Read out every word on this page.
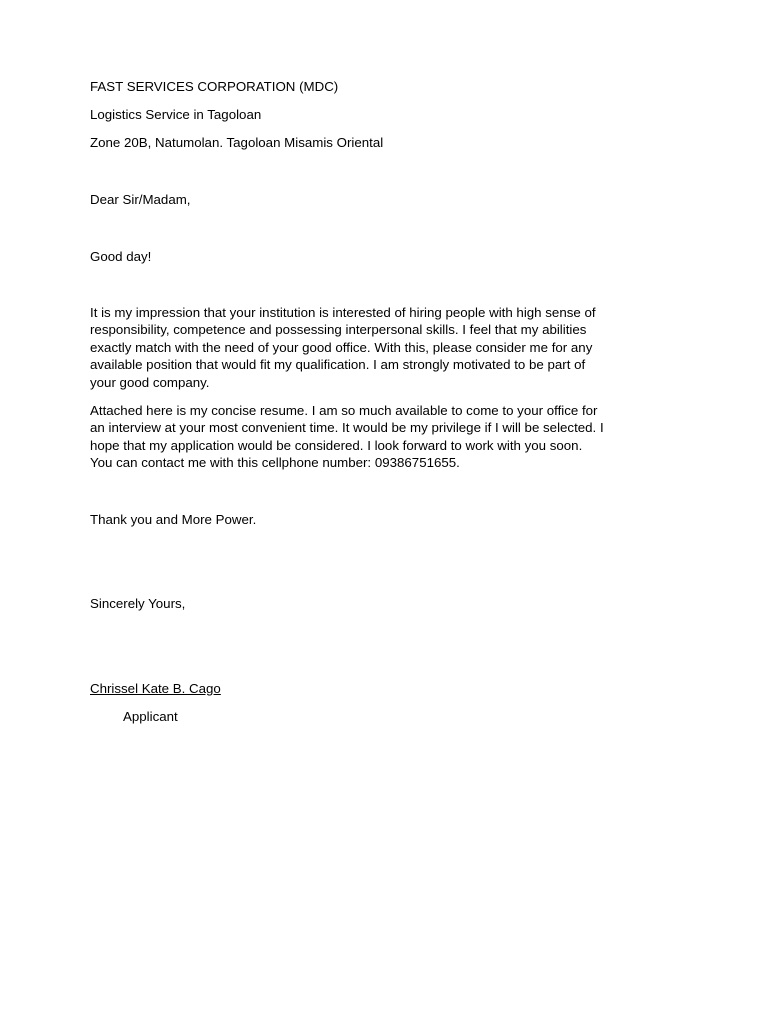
FAST SERVICES CORPORATION (MDC)
Logistics Service in Tagoloan
Zone 20B, Natumolan. Tagoloan Misamis Oriental
Dear Sir/Madam,
Good day!
It is my impression that your institution is interested of hiring people with high sense of
responsibility, competence and possessing interpersonal skills. I feel that my abilities
exactly match with the need of your good office. With this, please consider me for any
available position that would fit my qualification. I am strongly motivated to be part of
your good company.
Attached here is my concise resume. I am so much available to come to your office for
an interview at your most convenient time. It would be my privilege if I will be selected. I
hope that my application would be considered. I look forward to work with you soon.
You can contact me with this cellphone number: 09386751655.
Thank you and More Power.
Sincerely Yours,
Chrissel Kate B. Cago
Applicant
